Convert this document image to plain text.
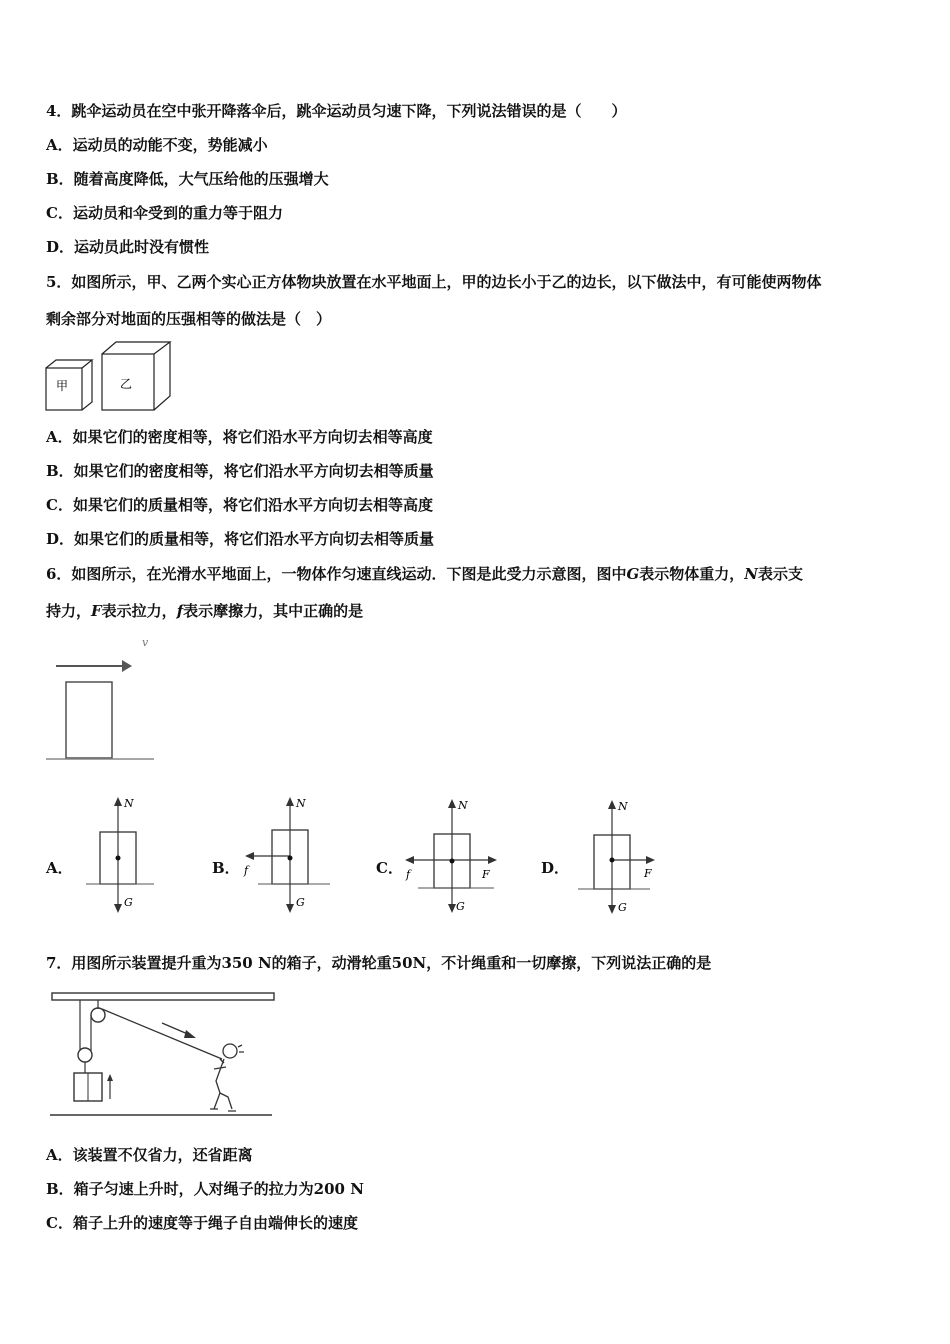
4．跳伞运动员在空中张开降落伞后，跳伞运动员匀速下降，下列说法错误的是（　　）
A．运动员的动能不变，势能减小
B．随着高度降低，大气压给他的压强增大
C．运动员和伞受到的重力等于阻力
D．运动员此时没有惯性
5．如图所示，甲、乙两个实心正方体物块放置在水平地面上，甲的边长小于乙的边长，以下做法中，有可能使两物体
剩余部分对地面的压强相等的做法是（　）
甲	乙
A．如果它们的密度相等，将它们沿水平方向切去相等高度
B．如果它们的密度相等，将它们沿水平方向切去相等质量
C．如果它们的质量相等，将它们沿水平方向切去相等高度
D．如果它们的质量相等，将它们沿水平方向切去相等质量
6．如图所示，在光滑水平地面上，一物体作匀速直线运动．下图是此受力示意图，图中G表示物体重力，N表示支
持力，F表示拉力，f表示摩擦力，其中正确的是
v
A．
N
G
B．
N
G
f	C．
N
G
f	F	D．
N
G
F
7．用图所示装置提升重为350 N的箱子，动滑轮重50N，不计绳重和一切摩擦，下列说法正确的是
A．该装置不仅省力，还省距离
B．箱子匀速上升时，人对绳子的拉力为200 N
C．箱子上升的速度等于绳子自由端伸长的速度
